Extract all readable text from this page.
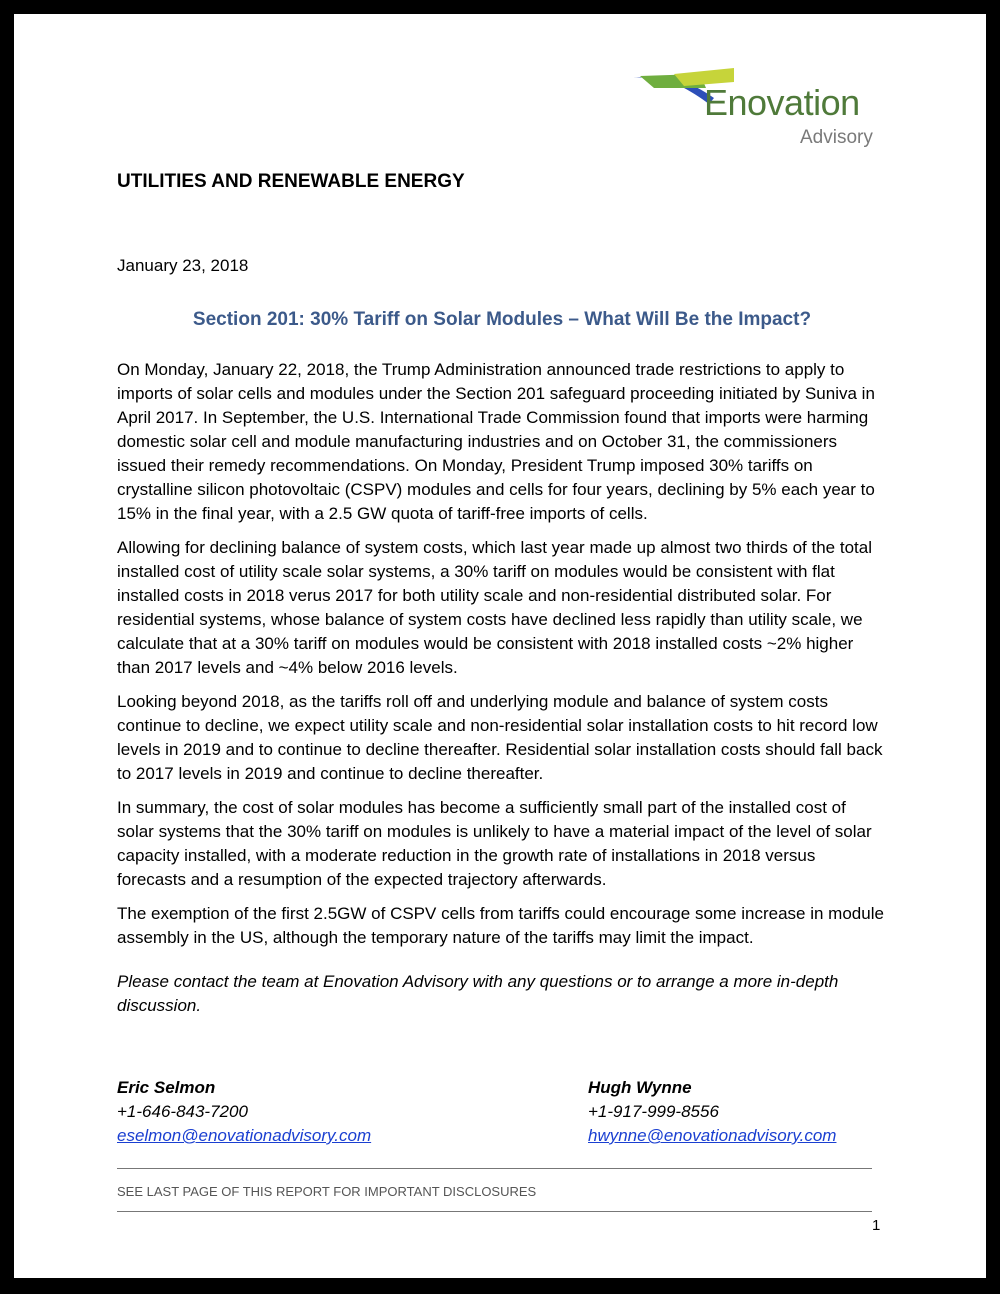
Enovation
Advisory
UTILITIES AND RENEWABLE ENERGY
January 23, 2018
Section 201: 30% Tariff on Solar Modules – What Will Be the Impact?

On Monday, January 22, 2018, the Trump Administration announced trade restrictions to apply to imports of solar cells and modules under the Section 201 safeguard proceeding initiated by Suniva in April 2017. In September, the U.S. International Trade Commission found that imports were harming domestic solar cell and module manufacturing industries and on October 31, the commissioners issued their remedy recommendations. On Monday, President Trump imposed 30% tariffs on crystalline silicon photovoltaic (CSPV) modules and cells for four years, declining by 5% each year to 15% in the final year, with a 2.5 GW quota of tariff-free imports of cells.

Allowing for declining balance of system costs, which last year made up almost two thirds of the total installed cost of utility scale solar systems, a 30% tariff on modules would be consistent with flat installed costs in 2018 verus 2017 for both utility scale and non-residential distributed solar. For residential systems, whose balance of system costs have declined less rapidly than utility scale, we calculate that at a 30% tariff on modules would be consistent with 2018 installed costs ~2% higher than 2017 levels and ~4% below 2016 levels.

Looking beyond 2018, as the tariffs roll off and underlying module and balance of system costs continue to decline, we expect utility scale and non-residential solar installation costs to hit record low levels in 2019 and to continue to decline thereafter. Residential solar installation costs should fall back to 2017 levels in 2019 and continue to decline thereafter.

In summary, the cost of solar modules has become a sufficiently small part of the installed cost of solar systems that the 30% tariff on modules is unlikely to have a material impact of the level of solar capacity installed, with a moderate reduction in the growth rate of installations in 2018 versus forecasts and a resumption of the expected trajectory afterwards.

The exemption of the first 2.5GW of CSPV cells from tariffs could encourage some increase in module assembly in the US, although the temporary nature of the tariffs may limit the impact.

Please contact the team at Enovation Advisory with any questions or to arrange a more in-depth discussion.

Eric Selmon
+1-646-843-7200
eselmon@enovationadvisory.com
Hugh Wynne
+1-917-999-8556
hwynne@enovationadvisory.com
SEE LAST PAGE OF THIS REPORT FOR IMPORTANT DISCLOSURES
1
